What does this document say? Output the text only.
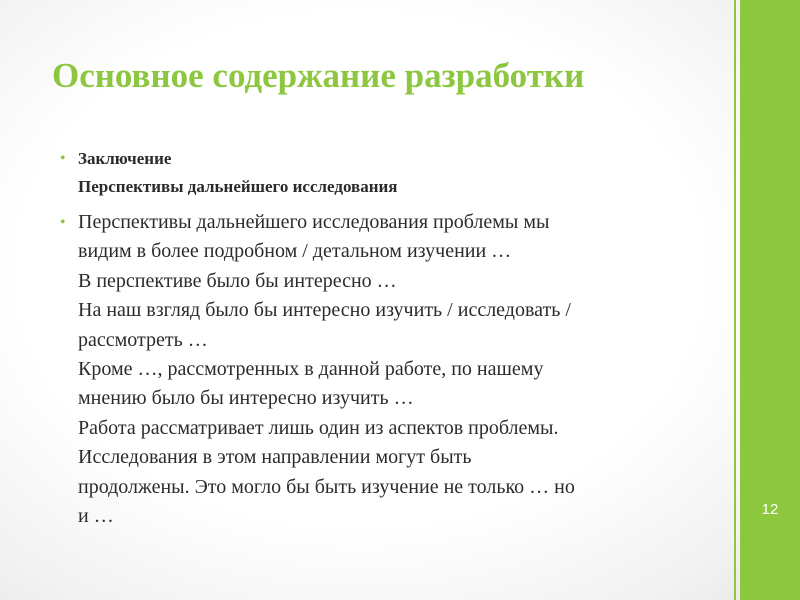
12
Основное содержание разработки
• Заключение
Перспективы дальнейшего исследования
• Перспективы дальнейшего исследования проблемы мы
видим в более подробном / детальном изучении …
В перспективе было бы интересно …
На наш взгляд было бы интересно изучить / исследовать /
рассмотреть …
Кроме …, рассмотренных в данной работе, по нашему
мнению было бы интересно изучить …
Работа рассматривает лишь один из аспектов проблемы.
Исследования в этом направлении могут быть
продолжены. Это могло бы быть изучение не только … но
и …
